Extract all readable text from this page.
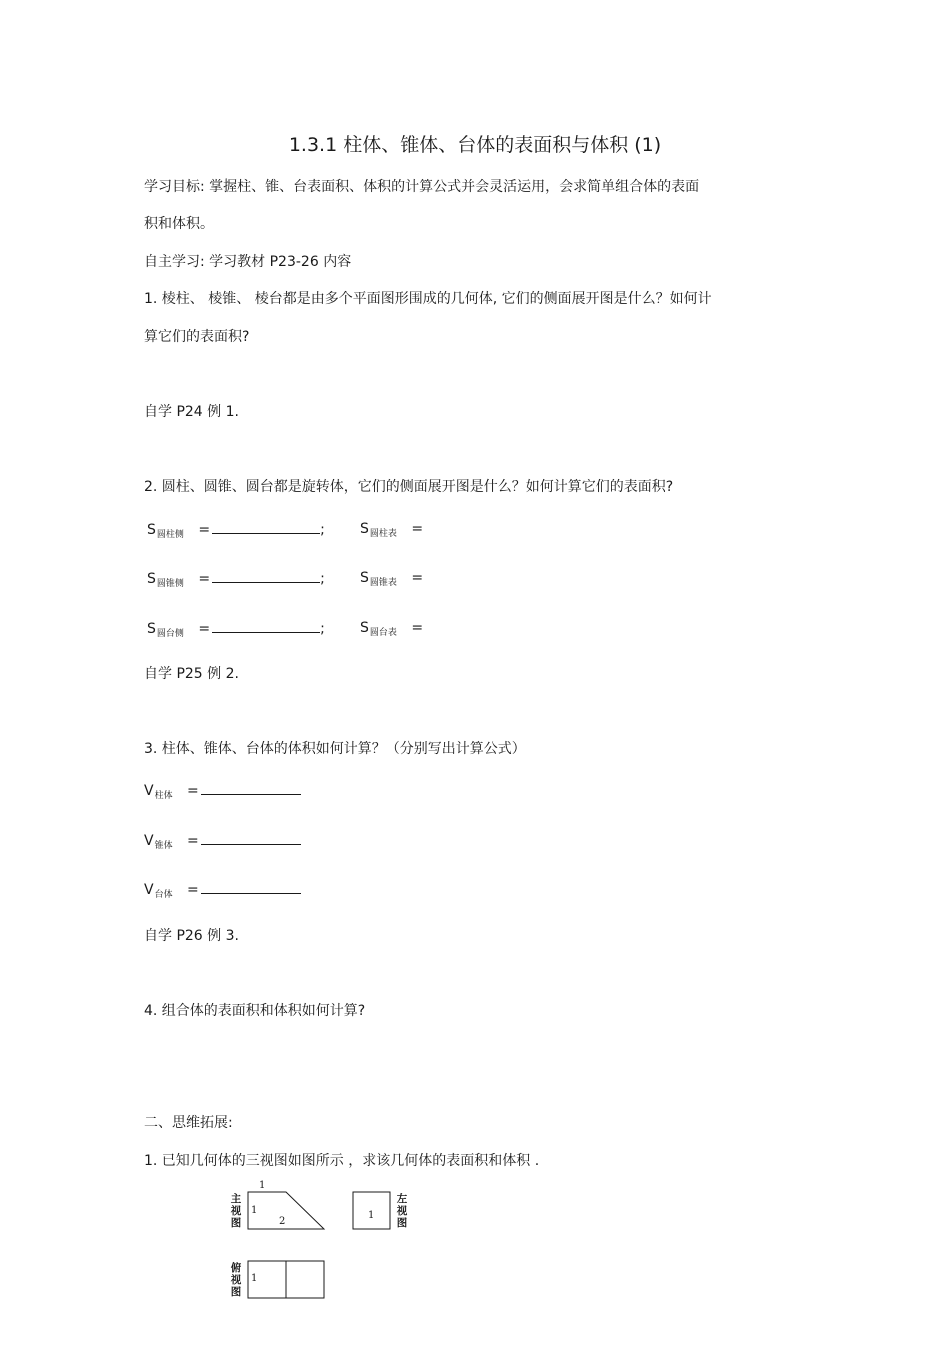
1.3.1 柱体、锥体、台体的表面积与体积 (1)
学习目标: 掌握柱、锥、台表面积、体积的计算公式并会灵活运用，会求简单组合体的表面
积和体积。
自主学习: 学习教材 P23-26 内容
1. 棱柱、 棱锥、 棱台都是由多个平面图形围成的几何体, 它们的侧面展开图是什么？如何计
算它们的表面积?
自学 P24 例 1.
2. 圆柱、圆锥、圆台都是旋转体，它们的侧面展开图是什么？如何计算它们的表面积?
$S_{圆柱侧}$ =	;	$S_{圆柱表}$ =
$S_{圆锥侧}$ =	;	$S_{圆锥表}$ =
$S_{圆台侧}$ =	;	$S_{圆台表}$ =
自学 P25 例 2.
3. 柱体、锥体、台体的体积如何计算？（分别写出计算公式）
$V_{柱体}$ =
$V_{锥体}$ =
$V_{台体}$ =
自学 P26 例 3.
4. 组合体的表面积和体积如何计算?
二、思维拓展:
1. 已知几何体的三视图如图所示 ，求该几何体的表面积和体积 .
主
视
图
左
视
图
俯
视
图
1
1
2
1
1
